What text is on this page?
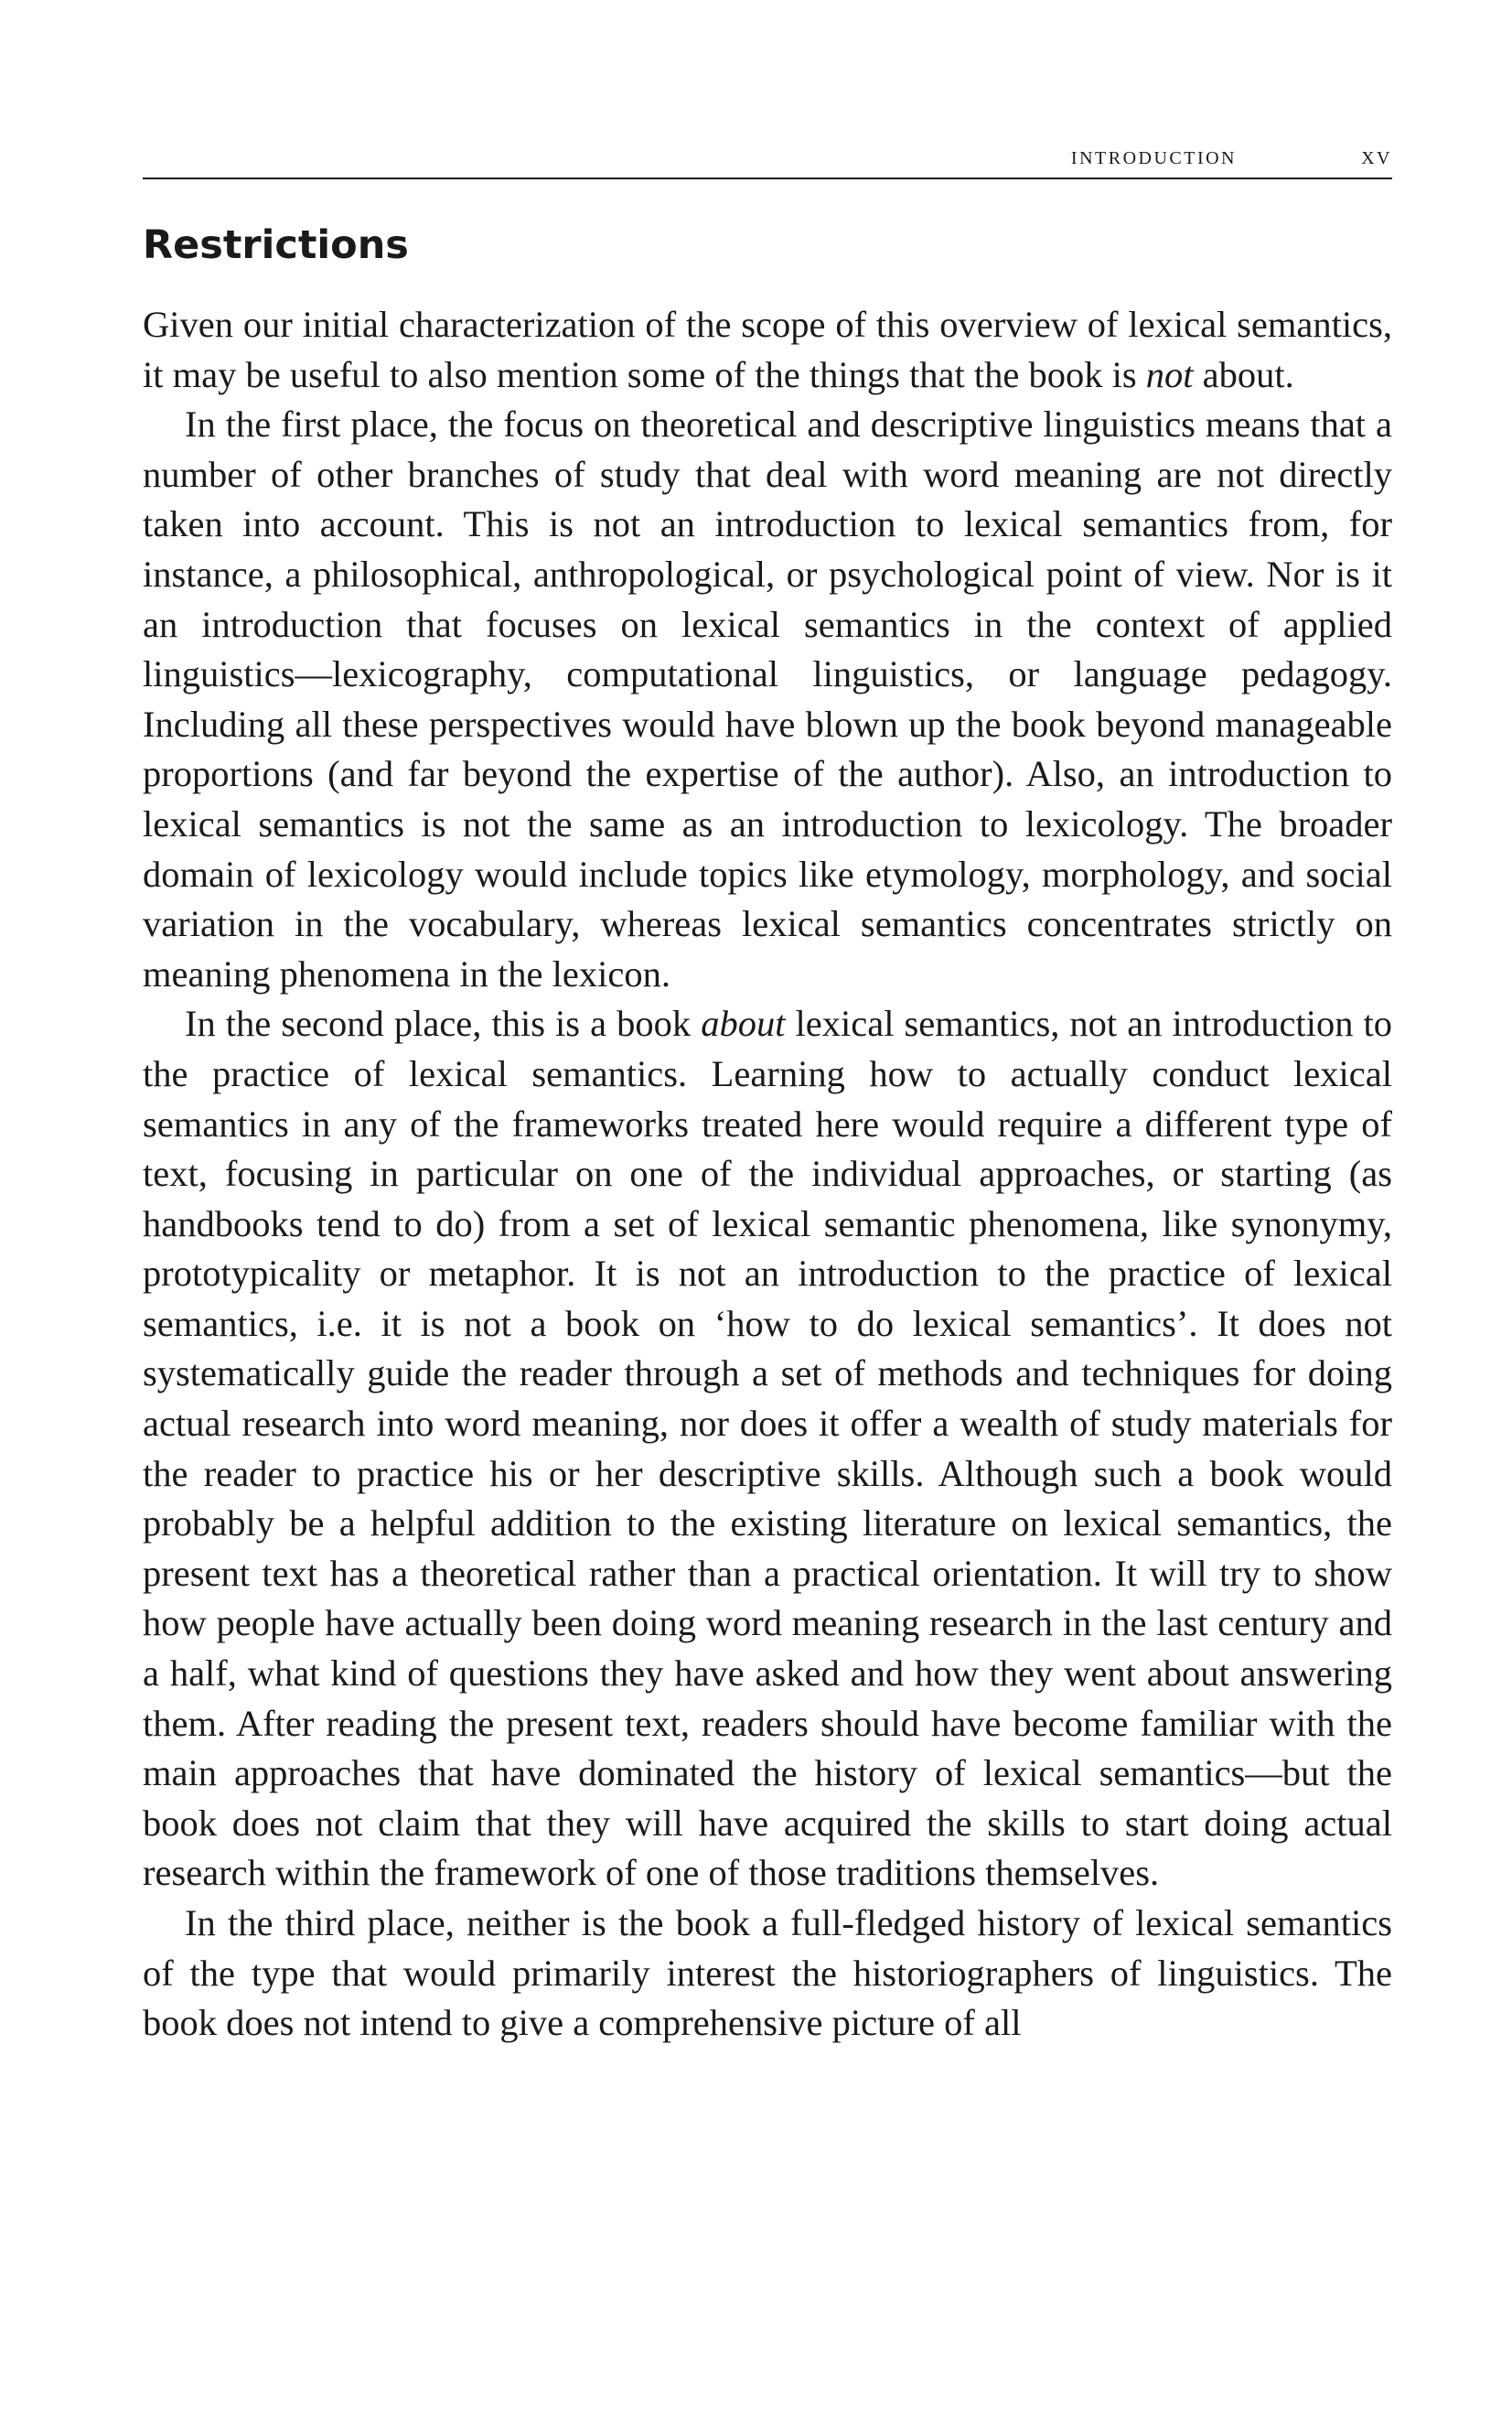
introduction	xv
Restrictions

Given our initial characterization of the scope of this overview of lexical semantics, it may be useful to also mention some of the things that the book is not about.

In the first place, the focus on theoretical and descriptive linguistics means that a number of other branches of study that deal with word meaning are not directly taken into account. This is not an introduction to lexical semantics from, for instance, a philosophical, anthropological, or psychological point of view. Nor is it an introduction that focuses on lexical semantics in the context of applied linguistics—lexicography, computational linguistics, or language pedagogy. Including all these perspectives would have blown up the book beyond manageable proportions (and far beyond the expertise of the author). Also, an introduction to lexical semantics is not the same as an introduction to lexicology. The broader domain of lexicology would include topics like etymology, morphology, and social variation in the vocabulary, whereas lexical semantics concentrates strictly on meaning phenomena in the lexicon.

In the second place, this is a book about lexical semantics, not an introduction to the practice of lexical semantics. Learning how to actually conduct lexical semantics in any of the frameworks treated here would require a different type of text, focusing in particular on one of the individual approaches, or starting (as handbooks tend to do) from a set of lexical semantic phenomena, like synonymy, prototypicality or metaphor. It is not an introduction to the practice of lexical semantics, i.e. it is not a book on ‘how to do lexical semantics’. It does not systematically guide the reader through a set of methods and techniques for doing actual research into word meaning, nor does it offer a wealth of study materials for the reader to practice his or her descriptive skills. Although such a book would probably be a helpful addition to the existing literature on lexical semantics, the present text has a theoretical rather than a practical orientation. It will try to show how people have actually been doing word meaning research in the last century and a half, what kind of questions they have asked and how they went about answering them. After reading the present text, readers should have become familiar with the main approaches that have dominated the history of lexical semantics—but the book does not claim that they will have acquired the skills to start doing actual research within the framework of one of those traditions themselves.

In the third place, neither is the book a full-fledged history of lexical semantics of the type that would primarily interest the historiographers of linguistics. The book does not intend to give a comprehensive picture of all
